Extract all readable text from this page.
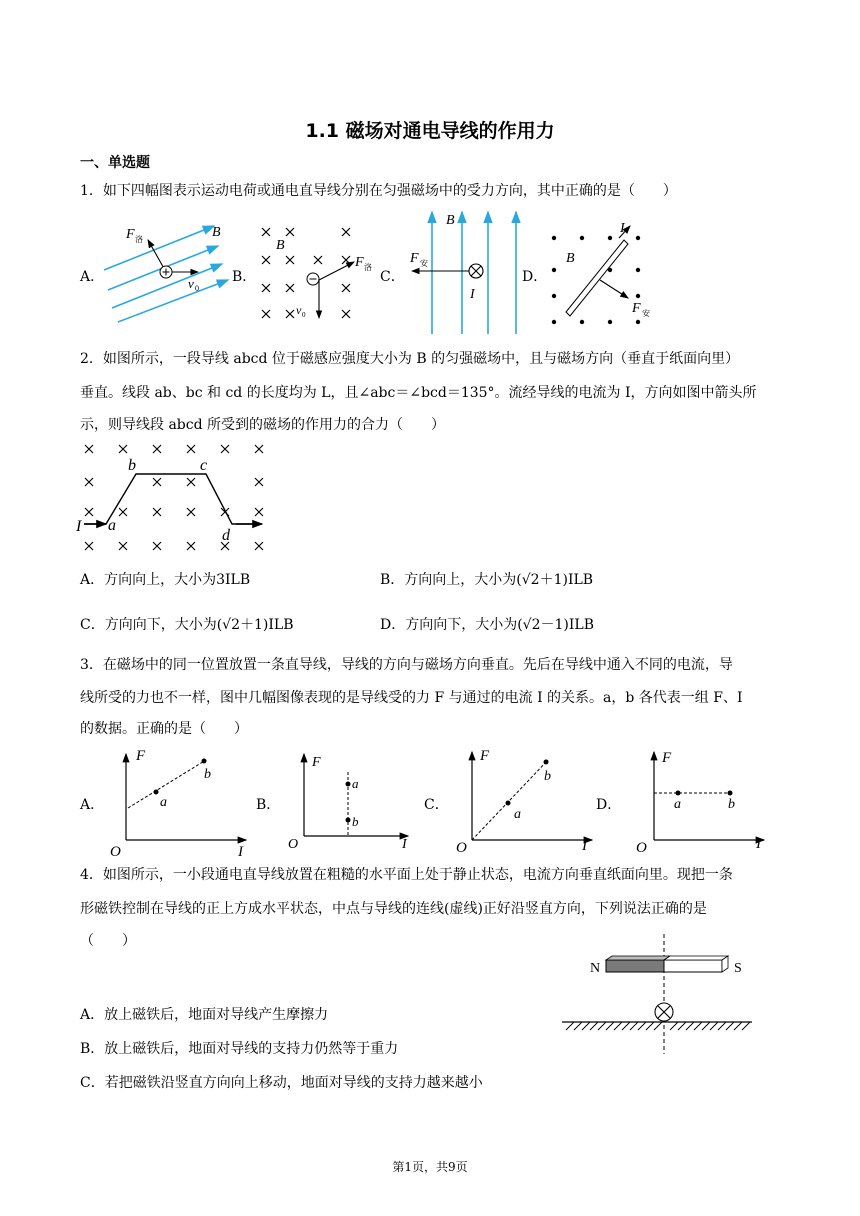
1.1 磁场对通电导线的作用力
一、单选题
1．如下四幅图表示运动电荷或通电直导线分别在匀强磁场中的受力方向，其中正确的是（　　）
A．
F 洛	B
v 0
B．
B
F 洛
v 0
C．
B
F 安
I
D．
I
B
F 安
2．如图所示，一段导线 abcd 位于磁感应强度大小为 B 的匀强磁场中，且与磁场方向（垂直于纸面向里）
垂直。线段 ab、bc 和 cd 的长度均为 L，且∠abc＝∠bcd＝135°。流经导线的电流为 I，方向如图中箭头所
示，则导线段 abcd 所受到的磁场的作用力的合力（　　）
b	c
a
d
I
A．方向向上，大小为3ILB	B．方向向上，大小为(√2＋1)ILB
C．方向向下，大小为(√2＋1)ILB	D．方向向下，大小为(√2－1)ILB
3．在磁场中的同一位置放置一条直导线，导线的方向与磁场方向垂直。先后在导线中通入不同的电流，导
线所受的力也不一样，图中几幅图像表现的是导线受的力 F 与通过的电流 I 的关系。a，b 各代表一组 F、I
的数据。正确的是（　　）
A．
F
I
O
a
b
B．
F
I
O
a
b
C．
F
I
O
a
b
D．
F
I
O
a	b
4．如图所示，一小段通电直导线放置在粗糙的水平面上处于静止状态，电流方向垂直纸面向里。现把一条
形磁铁控制在导线的正上方成水平状态，中点与导线的连线(虚线)正好沿竖直方向，下列说法正确的是
（　　）
N	S
A．放上磁铁后，地面对导线产生摩擦力
B．放上磁铁后，地面对导线的支持力仍然等于重力
C．若把磁铁沿竖直方向向上移动，地面对导线的支持力越来越小
第1页，共9页
